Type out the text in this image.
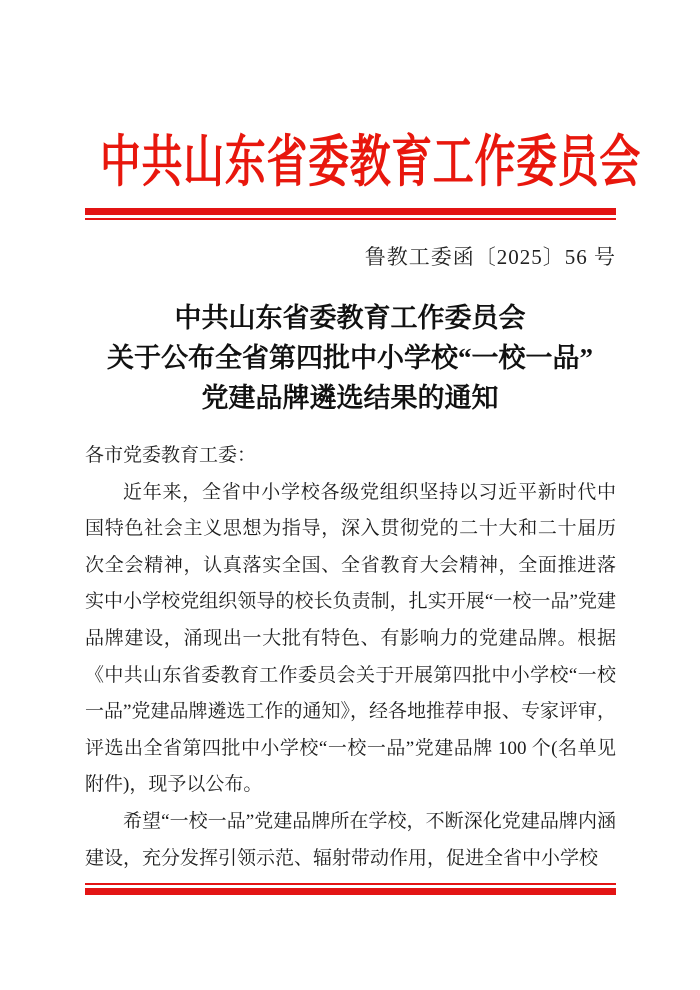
中共山东省委教育工作委员会
鲁教工委函〔2025〕56 号
中共山东省委教育工作委员会
关于公布全省第四批中小学校“一校一品”
党建品牌遴选结果的通知
各市党委教育工委：

近年来，全省中小学校各级党组织坚持以习近平新时代中国特色社会主义思想为指导，深入贯彻党的二十大和二十届历次全会精神，认真落实全国、全省教育大会精神，全面推进落实中小学校党组织领导的校长负责制，扎实开展“一校一品”党建品牌建设，涌现出一大批有特色、有影响力的党建品牌。根据《中共山东省委教育工作委员会关于开展第四批中小学校“一校一品”党建品牌遴选工作的通知》，经各地推荐申报、专家评审，评选出全省第四批中小学校“一校一品”党建品牌 100 个(名单见附件)，现予以公布。

希望“一校一品”党建品牌所在学校，不断深化党建品牌内涵建设，充分发挥引领示范、辐射带动作用，促进全省中小学校
